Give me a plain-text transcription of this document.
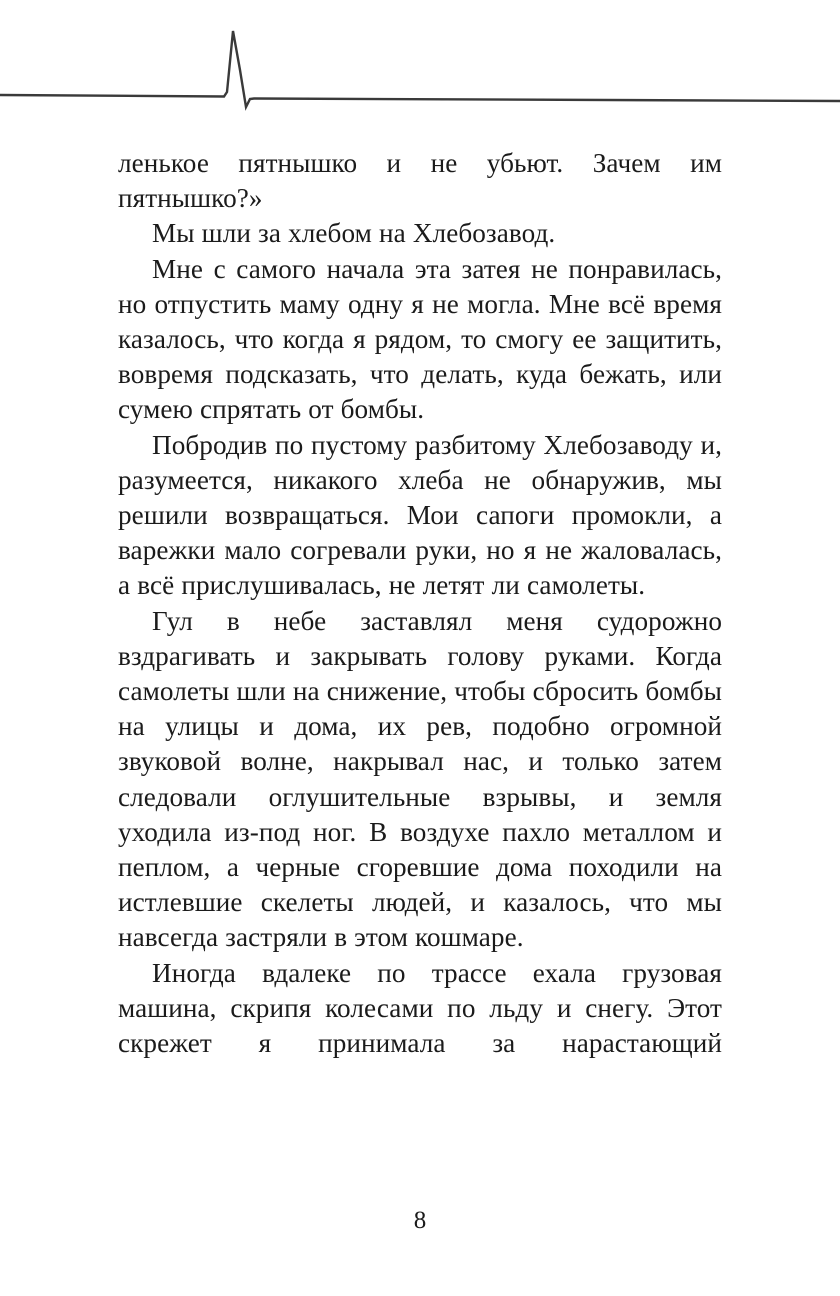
ленькое пятнышко и не убьют. Зачем им пятнышко?»

Мы шли за хлебом на Хлебозавод.

Мне с самого начала эта затея не понравилась, но отпустить маму одну я не могла. Мне всё время казалось, что когда я рядом, то смогу ее защитить, вовремя подсказать, что делать, куда бежать, или сумею спрятать от бомбы.

Побродив по пустому разбитому Хлебозаводу и, разумеется, никакого хлеба не обнаружив, мы решили возвращаться. Мои сапоги промокли, а варежки мало согревали руки, но я не жаловалась, а всё прислушивалась, не летят ли самолеты.

Гул в небе заставлял меня судорожно вздрагивать и закрывать голову руками. Когда самолеты шли на снижение, чтобы сбросить бомбы на улицы и дома, их рев, подобно огромной звуковой волне, накрывал нас, и только затем следовали оглушительные взрывы, и земля уходила из-под ног. В воздухе пахло металлом и пеплом, а черные сгоревшие дома походили на истлевшие скелеты людей, и казалось, что мы навсегда застряли в этом кошмаре.

Иногда вдалеке по трассе ехала грузовая машина, скрипя колесами по льду и снегу. Этот скрежет я принимала за нарастающий

8
